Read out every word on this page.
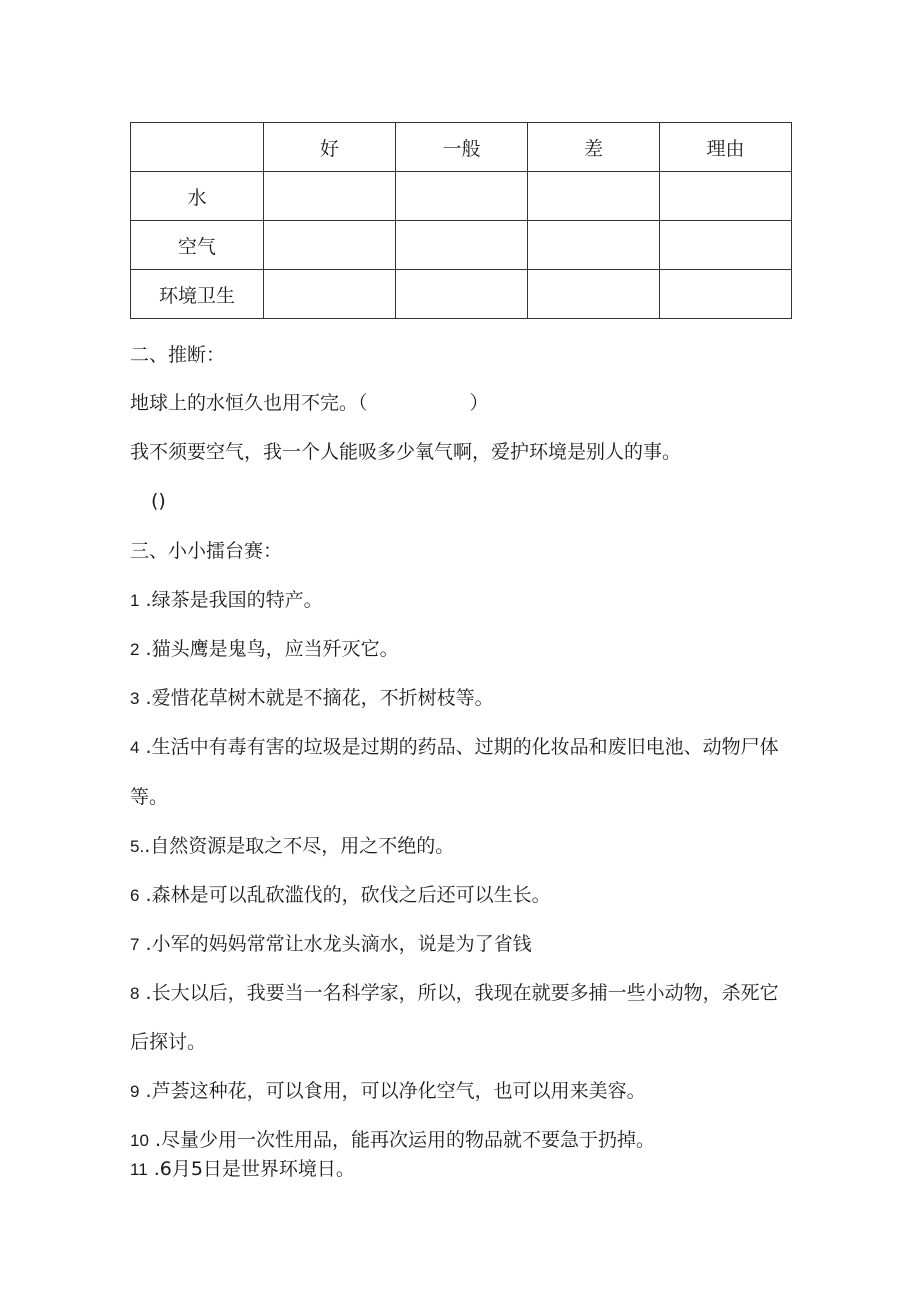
	好	一般	差	理由
水				
空气				
环境卫生				
二、推断：
地球上的水恒久也用不完。（	）
我不须要空气，我一个人能吸多少氧气啊，爱护环境是别人的事。
()
三、小小擂台赛：
1 .绿茶是我国的特产。
2 .猫头鹰是鬼鸟，应当歼灭它。
3 .爱惜花草树木就是不摘花，不折树枝等。
4 .生活中有毒有害的垃圾是过期的药品、过期的化妆品和废旧电池、动物尸体
等。
5..自然资源是取之不尽，用之不绝的。
6 .森林是可以乱砍滥伐的，砍伐之后还可以生长。
7 .小军的妈妈常常让水龙头滴水，说是为了省钱
8 .长大以后，我要当一名科学家，所以，我现在就要多捕一些小动物，杀死它
后探讨。
9 .芦荟这种花，可以食用，可以净化空气，也可以用来美容。
10 .尽量少用一次性用品，能再次运用的物品就不要急于扔掉。
11 .6月5日是世界环境日。
